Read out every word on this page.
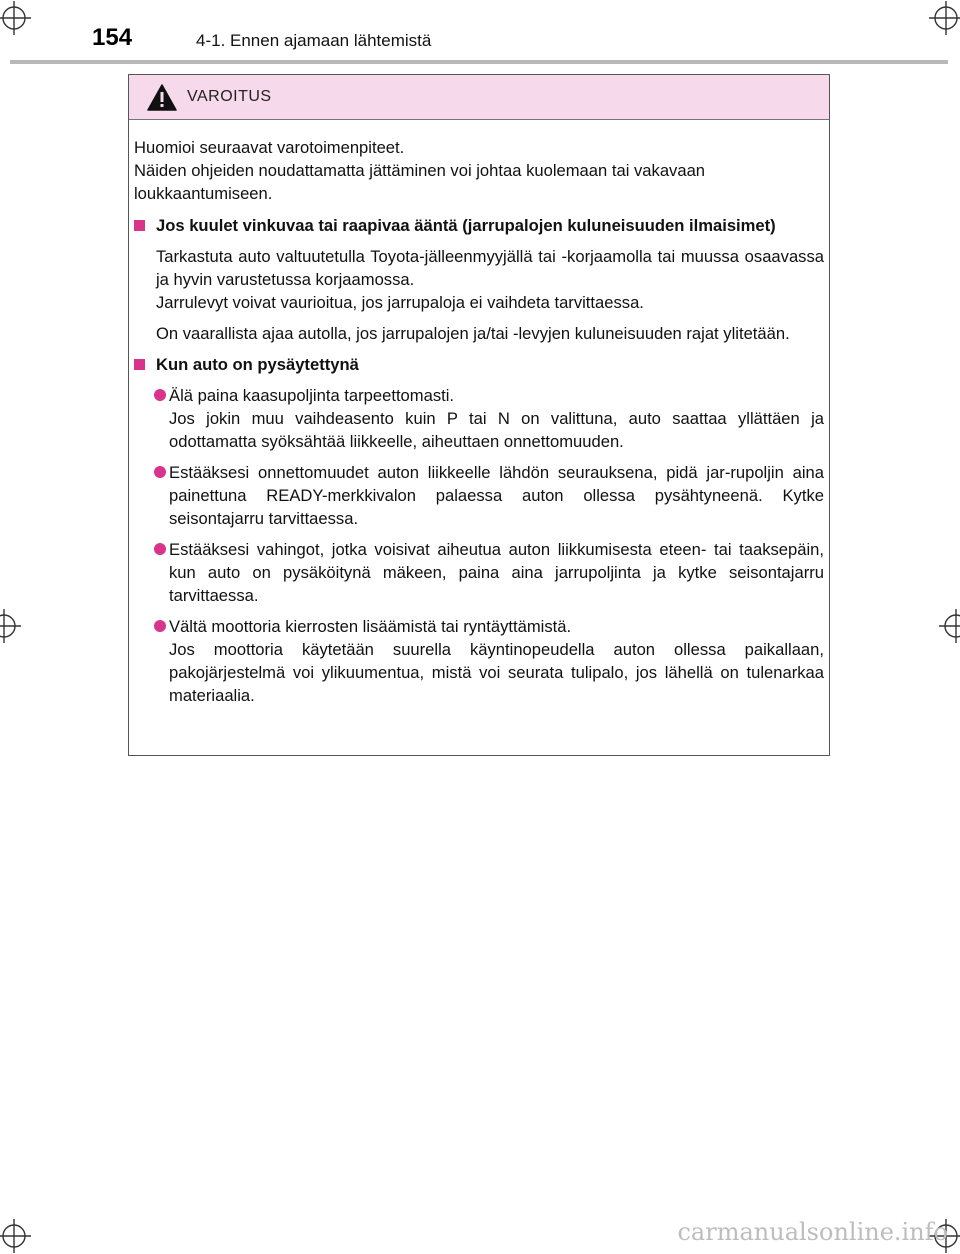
154	4-1. Ennen ajamaan lähtemistä
VAROITUS

Huomioi seuraavat varotoimenpiteet.

Näiden ohjeiden noudattamatta jättäminen voi johtaa kuolemaan tai vakavaan loukkaantumiseen.

Jos kuulet vinkuvaa tai raapivaa ääntä (jarrupalojen kuluneisuuden ilmaisimet)

Tarkastuta auto valtuutetulla Toyota-jälleenmyyjällä tai -korjaamolla tai muussa osaavassa ja hyvin varustetussa korjaamossa.

Jarrulevyt voivat vaurioitua, jos jarrupaloja ei vaihdeta tarvittaessa.

On vaarallista ajaa autolla, jos jarrupalojen ja/tai -levyjen kuluneisuuden rajat ylitetään.

Kun auto on pysäytettynä

Älä paina kaasupoljinta tarpeettomasti.

Jos jokin muu vaihdeasento kuin P tai N on valittuna, auto saattaa yllättäen ja odottamatta syöksähtää liikkeelle, aiheuttaen onnettomuuden.

Estääksesi onnettomuudet auton liikkeelle lähdön seurauksena, pidä jar-rupoljin aina painettuna READY-merkkivalon palaessa auton ollessa pysähtyneenä. Kytke seisontajarru tarvittaessa.

Estääksesi vahingot, jotka voisivat aiheutua auton liikkumisesta eteen- tai taaksepäin, kun auto on pysäköitynä mäkeen, paina aina jarrupoljinta ja kytke seisontajarru tarvittaessa.

Vältä moottoria kierrosten lisäämistä tai ryntäyttämistä.

Jos moottoria käytetään suurella käyntinopeudella auton ollessa paikallaan, pakojärjestelmä voi ylikuumentua, mistä voi seurata tulipalo, jos lähellä on tulenarkaa materiaalia.

carmanualsonline.info
